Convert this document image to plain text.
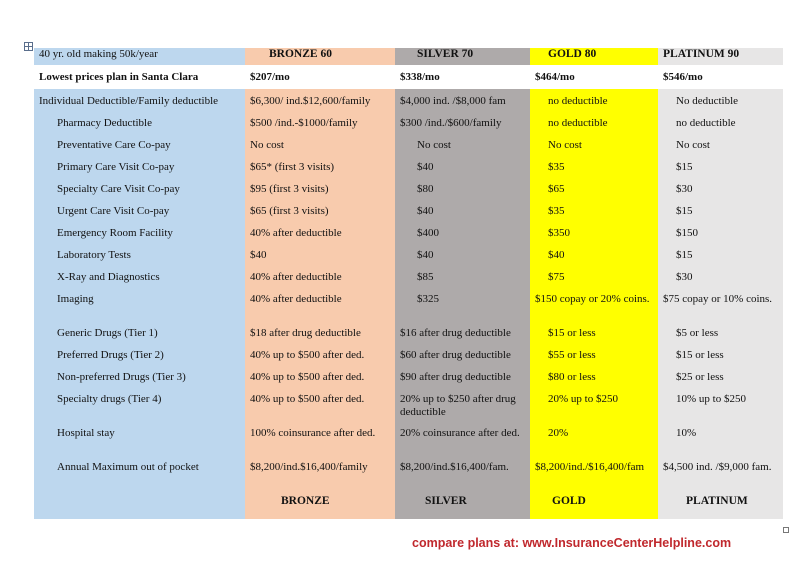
40 yr. old making 50k/year	BRONZE 60	SILVER 70	GOLD 80	PLATINUM 90
Lowest prices plan in Santa Clara	$207/mo	$338/mo	$464/mo	$546/mo
Individual Deductible/Family deductible	$6,300/ ind.$12,600/family	$4,000 ind. /$8,000 fam	no deductible	No deductible
Pharmacy Deductible	$500 /ind.-$1000/family	$300 /ind./$600/family	no deductible	no deductible
Preventative Care Co-pay	No cost	No cost	No cost	No cost
Primary Care Visit Co-pay	$65* (first 3 visits)	$40	$35	$15
Specialty Care Visit Co-pay	$95 (first 3 visits)	$80	$65	$30
Urgent Care Visit Co-pay	$65 (first 3 visits)	$40	$35	$15
Emergency Room Facility	40% after deductible	$400	$350	$150
Laboratory Tests	$40	$40	$40	$15
X-Ray and Diagnostics	40% after deductible	$85	$75	$30
Imaging	40% after deductible	$325	$150 copay or 20% coins.	$75 copay or 10% coins.
Generic Drugs (Tier 1)	$18 after drug deductible	$16 after drug deductible	$15 or less	$5 or less
Preferred Drugs (Tier 2)	40% up to $500 after ded.	$60 after drug deductible	$55 or less	$15 or less
Non-preferred Drugs (Tier 3)	40% up to $500 after ded.	$90 after drug deductible	$80 or less	$25 or less
Specialty drugs (Tier 4)	40% up to $500 after ded.	20% up to $250 after drug deductible	20% up to $250	10% up to $250
Hospital stay	100% coinsurance after ded.	20% coinsurance after ded.	20%	10%
Annual Maximum out of pocket	$8,200/ind.$16,400/family	$8,200/ind.$16,400/fam.	$8,200/ind./$16,400/fam	$4,500 ind. /$9,000 fam.
	BRONZE	SILVER	GOLD	PLATINUM
compare plans at: www.InsuranceCenterHelpline.com
